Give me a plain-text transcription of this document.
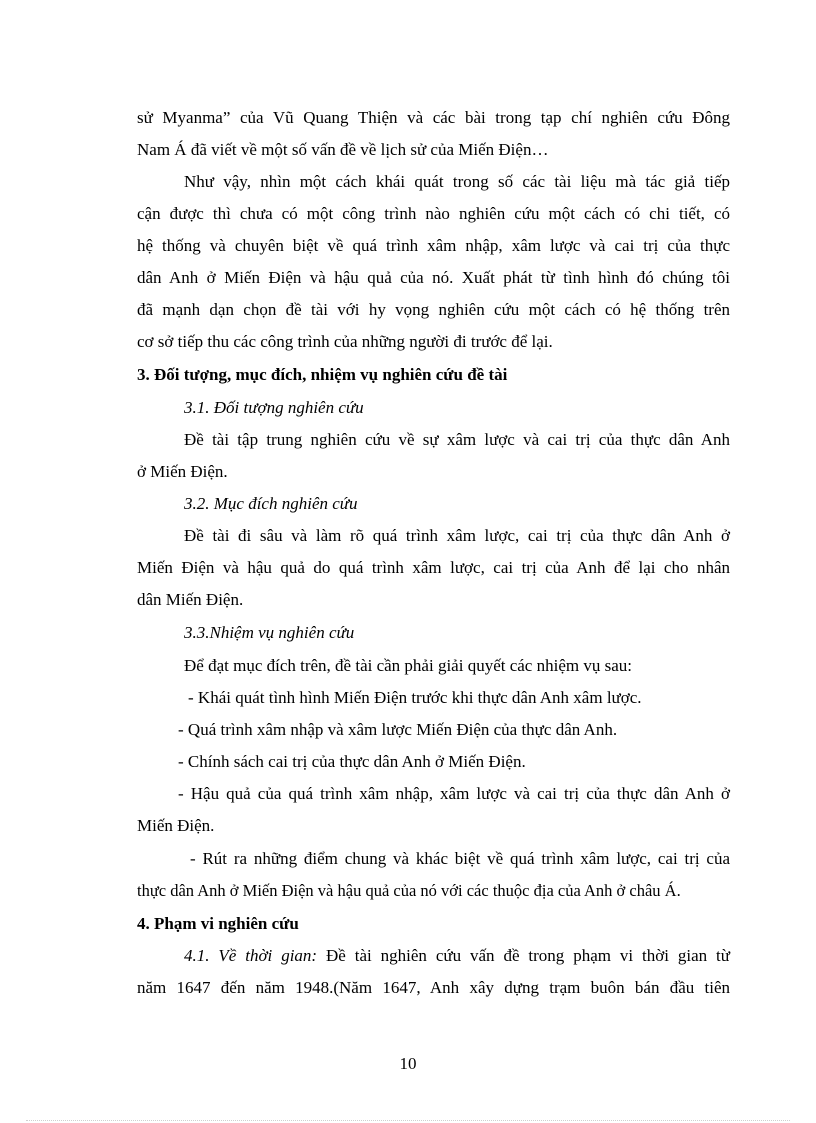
sử Myanma” của Vũ Quang Thiện và các bài trong tạp chí nghiên cứu Đông
Nam Á đã viết về một số vấn đề về lịch sử của Miến Điện…
Như vậy, nhìn một cách khái quát trong số các tài liệu mà tác giả tiếp
cận được thì chưa có một công trình nào nghiên cứu một cách có chi tiết, có
hệ thống và chuyên biệt về quá trình xâm nhập, xâm lược và cai trị của thực
dân Anh ở Miến Điện và hậu quả của nó. Xuất phát từ tình hình đó chúng tôi
đã mạnh dạn chọn đề tài với hy vọng nghiên cứu một cách có hệ thống trên
cơ sở tiếp thu các công trình của những người đi trước để lại.
3. Đối tượng, mục đích, nhiệm vụ nghiên cứu đề tài
3.1. Đối tượng nghiên cứu
Đề tài tập trung nghiên cứu về sự xâm lược và cai trị của thực dân Anh
ở Miến Điện.
3.2. Mục đích nghiên cứu
Đề tài đi sâu và làm rõ quá trình xâm lược, cai trị của thực dân Anh ở
Miến Điện và hậu quả do quá trình xâm lược, cai trị của Anh để lại cho nhân
dân Miến Điện.
3.3.Nhiệm vụ nghiên cứu
Để đạt mục đích trên, đề tài cần phải giải quyết các nhiệm vụ sau:
- Khái quát tình hình Miến Điện trước khi thực dân Anh xâm lược.
- Quá trình xâm nhập và xâm lược Miến Điện của thực dân Anh.
- Chính sách cai trị của thực dân Anh ở Miến Điện.
- Hậu quả của quá trình xâm nhập, xâm lược và cai trị của thực dân Anh ở
Miến Điện.
- Rút ra những điểm chung và khác biệt về quá trình xâm lược, cai trị của
thực dân Anh ở Miến Điện và hậu quả của nó với các thuộc địa của Anh ở châu Á.
4. Phạm vi nghiên cứu
4.1. Về thời gian: Đề tài nghiên cứu vấn đề trong phạm vi thời gian từ
năm 1647 đến năm 1948.(Năm 1647, Anh xây dựng trạm buôn bán đầu tiên
10
